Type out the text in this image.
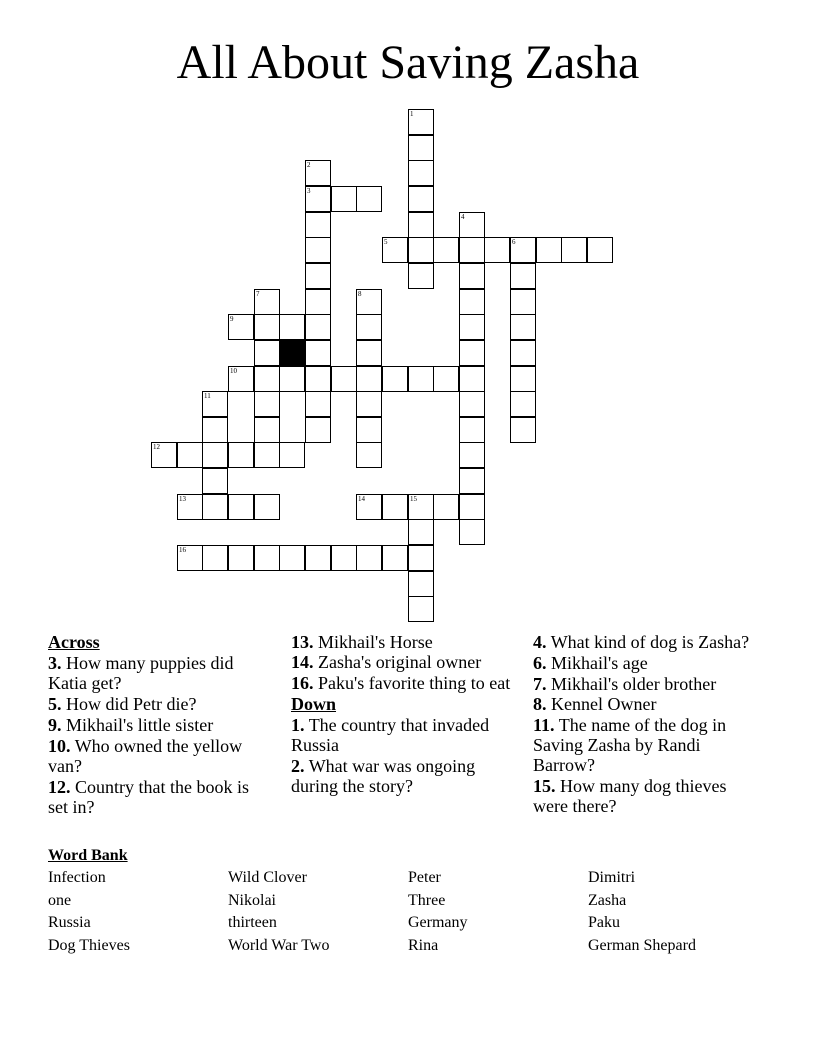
All About Saving Zasha
1
2
3
4
5	6
7	8
9
10
11
12
13	14	15
16
Across
3. How many puppies did Katia get?
5. How did Petr die?
9. Mikhail's little sister
10. Who owned the yellow van?
12. Country that the book is set in?
13. Mikhail's Horse
14. Zasha's original owner
16. Paku's favorite thing to eat
Down
1. The country that invaded Russia
2. What war was ongoing during the story?
4. What kind of dog is Zasha?
6. Mikhail's age
7. Mikhail's older brother
8. Kennel Owner
11. The name of the dog in Saving Zasha by Randi Barrow?
15. How many dog thieves were there?
Word Bank
Infection	Wild Clover	Peter	Dimitri
one	Nikolai	Three	Zasha
Russia	thirteen	Germany	Paku
Dog Thieves	World War Two	Rina	German Shepard
